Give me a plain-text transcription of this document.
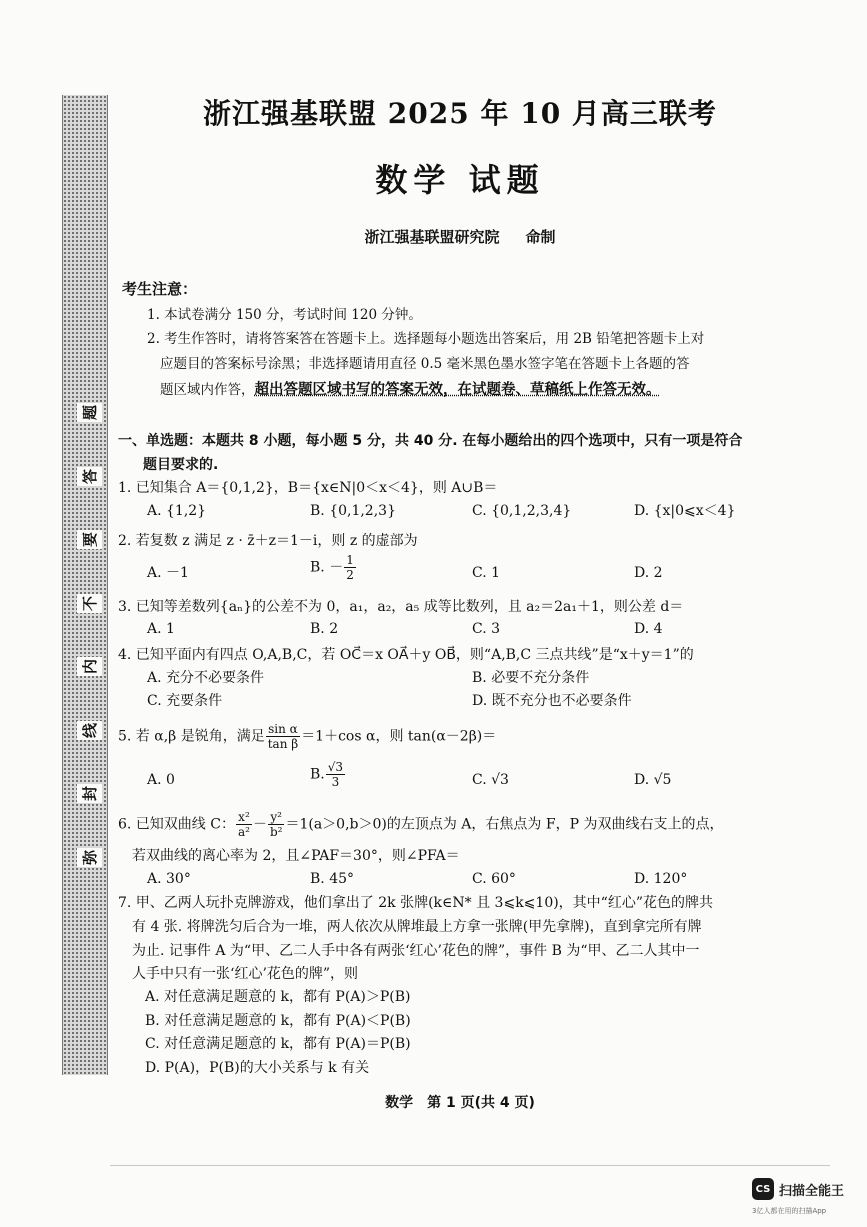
弥
封
线
内
不
要
答
题
浙江强基联盟 2025 年 10 月高三联考
数学 试题
浙江强基联盟研究院 命制
考生注意：
1. 本试卷满分 150 分，考试时间 120 分钟。
2. 考生作答时，请将答案答在答题卡上。选择题每小题选出答案后，用 2B 铅笔把答题卡上对
应题目的答案标号涂黑；非选择题请用直径 0.5 毫米黑色墨水签字笔在答题卡上各题的答
题区域内作答，超出答题区域书写的答案无效，在试题卷、草稿纸上作答无效。
一、单选题：本题共 8 小题，每小题 5 分，共 40 分. 在每小题给出的四个选项中，只有一项是符合
题目要求的.
1. 已知集合 A＝{0,1,2}，B＝{x∈N|0＜x＜4}，则 A∪B＝
A. {1,2}	B. {0,1,2,3}	C. {0,1,2,3,4}	D. {x|0⩽x＜4}
2. 若复数 z 满足 z · z̄＋z＝1－i，则 z 的虚部为
A. －1	B. － $\frac{1}{2}$	C. 1	D. 2
3. 已知等差数列{aₙ}的公差不为 0，a₁，a₂，a₅ 成等比数列，且 a₂＝2a₁＋1，则公差 d＝
A. 1	B. 2	C. 3	D. 4
4. 已知平面内有四点 O,A,B,C，若 OC⃗＝x OA⃗＋y OB⃗，则“A,B,C 三点共线”是“x＋y＝1”的
A. 充分不必要条件	B. 必要不充分条件
C. 充要条件	D. 既不充分也不必要条件
5. 若 α,β 是锐角，满足 $\frac{\text{sin α}}{\text{tan β}} =1+\cos$ α，则 tan(α－2β)＝
A. 0	B. $\frac{√3}{3}$	C. √3	D. √5
6. 已知双曲线 C： $\frac{\text{x²}}{\text{a²}} - \frac{\text{y²}}{\text{b²}} =1(a>0,b>0)$的左顶点为 A，右焦点为 F，P 为双曲线右支上的点，
若双曲线的离心率为 2，且∠PAF＝30°，则∠PFA＝
A. 30°	B. 45°	C. 60°	D. 120°
7. 甲、乙两人玩扑克牌游戏，他们拿出了 2k 张牌(k∈N* 且 3⩽k⩽10)，其中“红心”花色的牌共
有 4 张. 将牌洗匀后合为一堆，两人依次从牌堆最上方拿一张牌(甲先拿牌)，直到拿完所有牌
为止. 记事件 A 为“甲、乙二人手中各有两张‘红心’花色的牌”，事件 B 为“甲、乙二人其中一
人手中只有一张‘红心’花色的牌”，则
A. 对任意满足题意的 k，都有 P(A)＞P(B)
B. 对任意满足题意的 k，都有 P(A)＜P(B)
C. 对任意满足题意的 k，都有 P(A)＝P(B)
D. P(A)，P(B)的大小关系与 k 有关
数学　第 1 页(共 4 页)
CS 扫描全能王
3亿人都在用的扫描App
